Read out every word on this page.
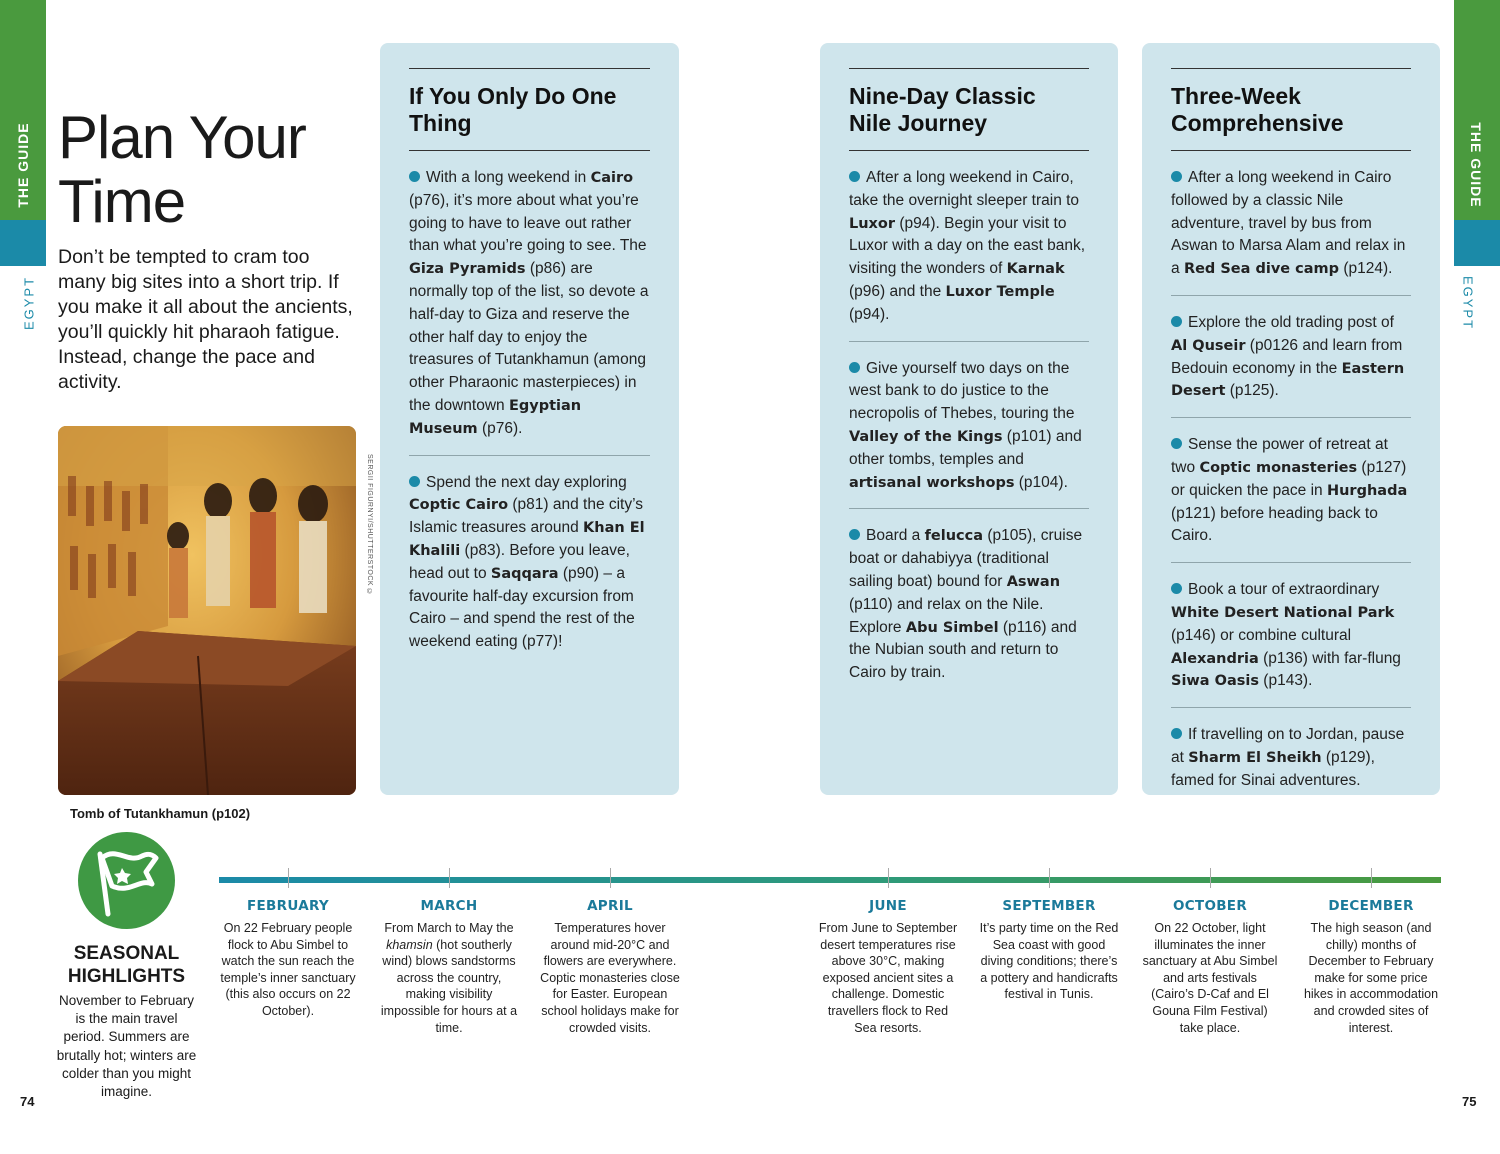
THE GUIDE
EGYPT
THE GUIDE
EGYPT
74	75
Plan Your
Time

Don’t be tempted to cram too many big sites into a short trip. If you make it all about the ancients, you’ll quickly hit pharaoh fatigue. Instead, change the pace and activity.

SERGII FIGURNYI/SHUTTERSTOCK ©
Tomb of Tutankhamun (p102)
If You Only Do One
Thing

With a long weekend in Cairo (p76), it’s more about what you’re going to have to leave out rather than what you’re going to see. The Giza Pyramids (p86) are normally top of the list, so devote a half-day to Giza and reserve the other half day to enjoy the treasures of Tutankhamun (among other Pharaonic masterpieces) in the downtown Egyptian Museum (p76).

Spend the next day exploring Coptic Cairo (p81) and the city’s Islamic treasures around Khan El Khalili (p83). Before you leave, head out to Saqqara (p90) – a favourite half-day excursion from Cairo – and spend the rest of the weekend eating (p77)!

Nine-Day Classic
Nile Journey

After a long weekend in Cairo, take the overnight sleeper train to Luxor (p94). Begin your visit to Luxor with a day on the east bank, visiting the wonders of Karnak (p96) and the Luxor Temple (p94).

Give yourself two days on the west bank to do justice to the necropolis of Thebes, touring the Valley of the Kings (p101) and other tombs, temples and artisanal workshops (p104).

Board a felucca (p105), cruise boat or dahabiyya (traditional sailing boat) bound for Aswan (p110) and relax on the Nile. Explore Abu Simbel (p116) and the Nubian south and return to Cairo by train.

Three-Week
Comprehensive

After a long weekend in Cairo followed by a classic Nile adventure, travel by bus from Aswan to Marsa Alam and relax in a Red Sea dive camp (p124).

Explore the old trading post of Al Quseir (p0126 and learn from Bedouin economy in the Eastern Desert (p125).

Sense the power of retreat at two Coptic monasteries (p127) or quicken the pace in Hurghada (p121) before heading back to Cairo.

Book a tour of extraordinary White Desert National Park (p146) or combine cultural Alexandria (p136) with far-flung Siwa Oasis (p143).

If travelling on to Jordan, pause at Sharm El Sheikh (p129), famed for Sinai adventures.

SEASONAL
HIGHLIGHTS

November to February is the main travel period. Summers are brutally hot; winters are colder than you might imagine.

FEBRUARY
On 22 February people flock to Abu Simbel to watch the sun reach the temple’s inner sanctuary (this also occurs on 22 October).
MARCH
From March to May the khamsin (hot southerly wind) blows sandstorms across the country, making visibility impossible for hours at a time.
APRIL
Temperatures hover around mid-20°C and flowers are everywhere. Coptic monasteries close for Easter. European school holidays make for crowded visits.
JUNE
From June to September desert temperatures rise above 30°C, making exposed ancient sites a challenge. Domestic travellers flock to Red Sea resorts.
SEPTEMBER
It’s party time on the Red Sea coast with good diving conditions; there’s a pottery and handicrafts festival in Tunis.
OCTOBER
On 22 October, light illuminates the inner sanctuary at Abu Simbel and arts festivals (Cairo’s D-Caf and El Gouna Film Festival) take place.
DECEMBER
The high season (and chilly) months of December to February make for some price hikes in accommodation and crowded sites of interest.
